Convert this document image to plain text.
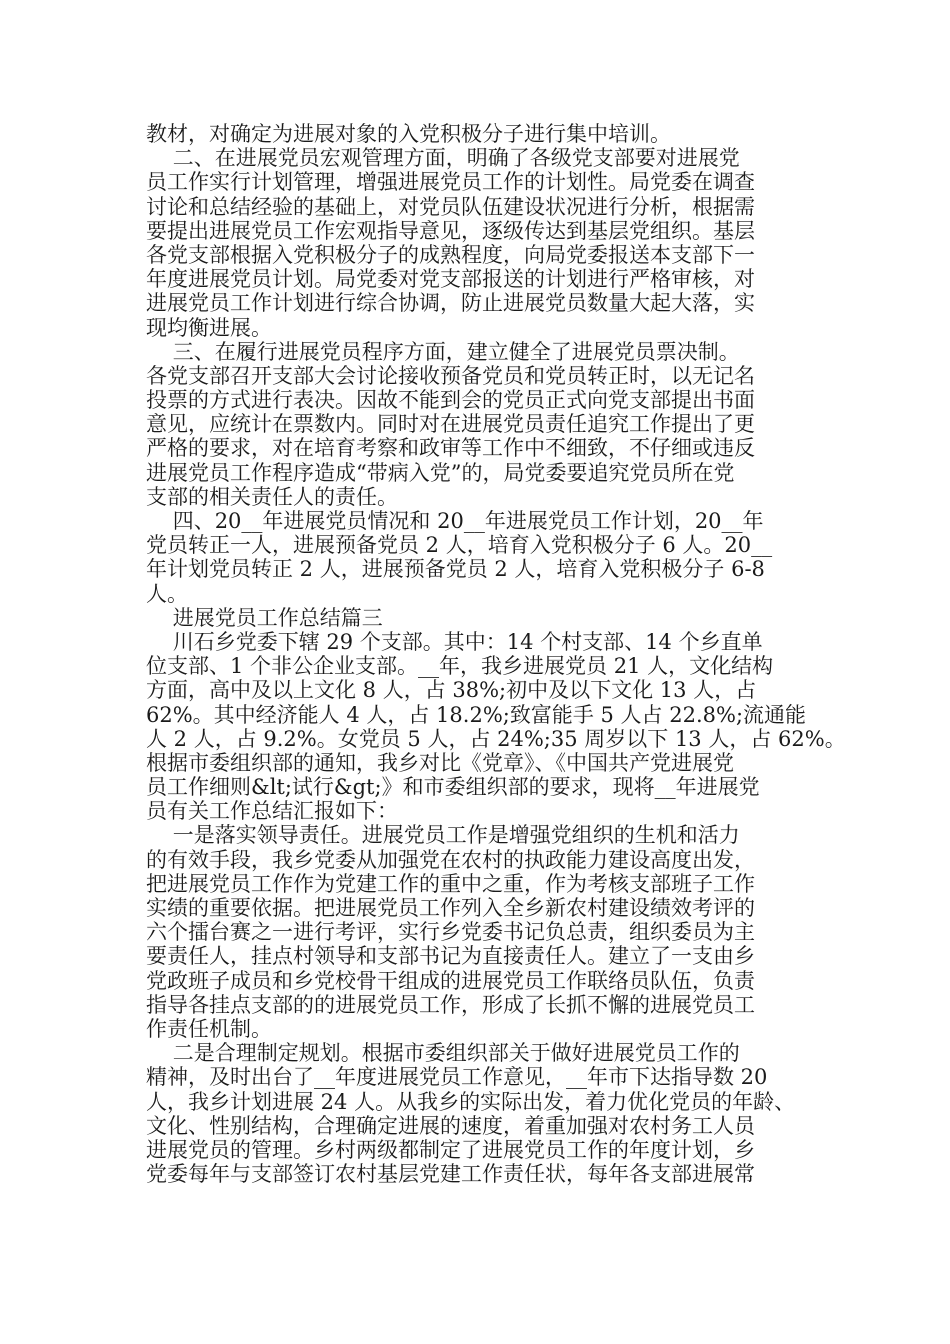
教材，对确定为进展对象的入党积极分子进行集中培训。
二、在进展党员宏观管理方面，明确了各级党支部要对进展党
员工作实行计划管理，增强进展党员工作的计划性。局党委在调查
讨论和总结经验的基础上，对党员队伍建设状况进行分析，根据需
要提出进展党员工作宏观指导意见，逐级传达到基层党组织。基层
各党支部根据入党积极分子的成熟程度，向局党委报送本支部下一
年度进展党员计划。局党委对党支部报送的计划进行严格审核，对
进展党员工作计划进行综合协调，防止进展党员数量大起大落，实
现均衡进展。
三、在履行进展党员程序方面，建立健全了进展党员票决制。
各党支部召开支部大会讨论接收预备党员和党员转正时，以无记名
投票的方式进行表决。因故不能到会的党员正式向党支部提出书面
意见，应统计在票数内。同时对在进展党员责任追究工作提出了更
严格的要求，对在培育考察和政审等工作中不细致，不仔细或违反
进展党员工作程序造成“带病入党”的，局党委要追究党员所在党
支部的相关责任人的责任。
四、20__年进展党员情况和 20__年进展党员工作计划，20__年
党员转正一人，进展预备党员 2 人，培育入党积极分子 6 人。20__
年计划党员转正 2 人，进展预备党员 2 人，培育入党积极分子 6-8
人。
进展党员工作总结篇三
川石乡党委下辖 29 个支部。其中：14 个村支部、14 个乡直单
位支部、1 个非公企业支部。__年，我乡进展党员 21 人，文化结构
方面，高中及以上文化 8 人，占 38%;初中及以下文化 13 人，占
62%。其中经济能人 4 人，占 18.2%;致富能手 5 人占 22.8%;流通能
人 2 人，占 9.2%。女党员 5 人，占 24%;35 周岁以下 13 人，占 62%。
根据市委组织部的通知，我乡对比《党章》、《中国共产党进展党
员工作细则&lt;试行&gt;》和市委组织部的要求，现将__年进展党
员有关工作总结汇报如下：
一是落实领导责任。进展党员工作是增强党组织的生机和活力
的有效手段，我乡党委从加强党在农村的执政能力建设高度出发，
把进展党员工作作为党建工作的重中之重，作为考核支部班子工作
实绩的重要依据。把进展党员工作列入全乡新农村建设绩效考评的
六个擂台赛之一进行考评，实行乡党委书记负总责，组织委员为主
要责任人，挂点村领导和支部书记为直接责任人。建立了一支由乡
党政班子成员和乡党校骨干组成的进展党员工作联络员队伍，负责
指导各挂点支部的的进展党员工作，形成了长抓不懈的进展党员工
作责任机制。
二是合理制定规划。根据市委组织部关于做好进展党员工作的
精神，及时出台了__年度进展党员工作意见，__年市下达指导数 20
人，我乡计划进展 24 人。从我乡的实际出发，着力优化党员的年龄、
文化、性别结构，合理确定进展的速度，着重加强对农村务工人员
进展党员的管理。乡村两级都制定了进展党员工作的年度计划，乡
党委每年与支部签订农村基层党建工作责任状，每年各支部进展常
